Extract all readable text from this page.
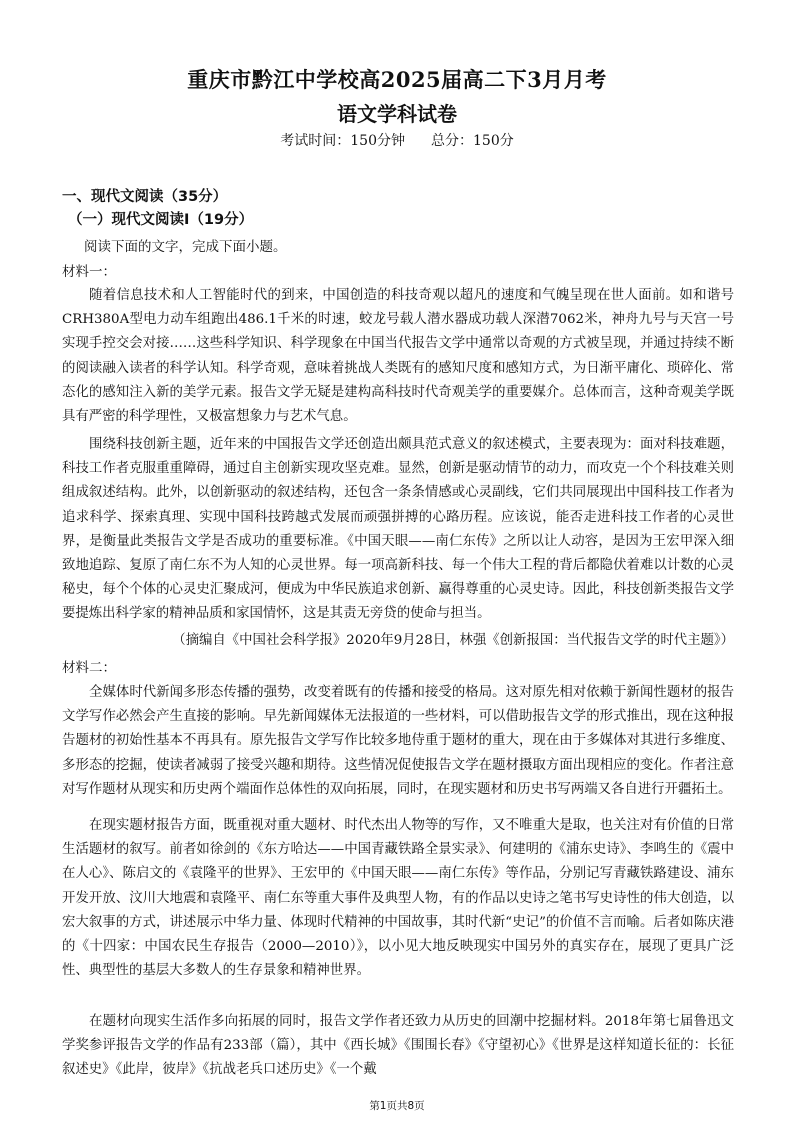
重庆市黔江中学校高2025届高二下3月月考
语文学科试卷
考试时间：150分钟 总分：150分
一、现代文阅读（35分）
（一）现代文阅读Ⅰ（19分）
阅读下面的文字，完成下面小题。
材料一：
随着信息技术和人工智能时代的到来，中国创造的科技奇观以超凡的速度和气魄呈现在世人面前。如和谐号CRH380A型电力动车组跑出486.1千米的时速，蛟龙号载人潜水器成功载人深潜7062米，神舟九号与天宫一号实现手控交会对接……这些科学知识、科学现象在中国当代报告文学中通常以奇观的方式被呈现，并通过持续不断的阅读融入读者的科学认知。科学奇观，意味着挑战人类既有的感知尺度和感知方式，为日渐平庸化、琐碎化、常态化的感知注入新的美学元素。报告文学无疑是建构高科技时代奇观美学的重要媒介。总体而言，这种奇观美学既具有严密的科学理性，又极富想象力与艺术气息。
围绕科技创新主题，近年来的中国报告文学还创造出颇具范式意义的叙述模式，主要表现为：面对科技难题，科技工作者克服重重障碍，通过自主创新实现攻坚克难。显然，创新是驱动情节的动力，而攻克一个个科技难关则组成叙述结构。此外，以创新驱动的叙述结构，还包含一条条情感或心灵副线，它们共同展现出中国科技工作者为追求科学、探索真理、实现中国科技跨越式发展而顽强拼搏的心路历程。应该说，能否走进科技工作者的心灵世界，是衡量此类报告文学是否成功的重要标准。《中国天眼——南仁东传》之所以让人动容，是因为王宏甲深入细致地追踪、复原了南仁东不为人知的心灵世界。每一项高新科技、每一个伟大工程的背后都隐伏着难以计数的心灵秘史，每个个体的心灵史汇聚成河，便成为中华民族追求创新、赢得尊重的心灵史诗。因此，科技创新类报告文学要提炼出科学家的精神品质和家国情怀，这是其责无旁贷的使命与担当。
（摘编自《中国社会科学报》2020年9月28日，林强《创新报国：当代报告文学的时代主题》）
材料二：
全媒体时代新闻多形态传播的强势，改变着既有的传播和接受的格局。这对原先相对依赖于新闻性题材的报告文学写作必然会产生直接的影响。早先新闻媒体无法报道的一些材料，可以借助报告文学的形式推出，现在这种报告题材的初始性基本不再具有。原先报告文学写作比较多地侍重于题材的重大，现在由于多媒体对其进行多维度、多形态的挖掘，使读者减弱了接受兴趣和期待。这些情况促使报告文学在题材摄取方面出现相应的变化。作者注意对写作题材从现实和历史两个端面作总体性的双向拓展，同时，在现实题材和历史书写两端又各自进行开疆拓土。
在现实题材报告方面，既重视对重大题材、时代杰出人物等的写作，又不唯重大是取，也关注对有价值的日常生活题材的叙写。前者如徐剑的《东方哈达——中国青藏铁路全景实录》、何建明的《浦东史诗》、李鸣生的《震中在人心》、陈启文的《袁隆平的世界》、王宏甲的《中国天眼——南仁东传》等作品，分别记写青藏铁路建设、浦东开发开放、汶川大地震和袁隆平、南仁东等重大事件及典型人物，有的作品以史诗之笔书写史诗性的伟大创造，以宏大叙事的方式，讲述展示中华力量、体现时代精神的中国故事，其时代新“史记”的价值不言而喻。后者如陈庆港的《十四家：中国农民生存报告（2000—2010）》，以小见大地反映现实中国另外的真实存在，展现了更具广泛性、典型性的基层大多数人的生存景象和精神世界。
在题材向现实生活作多向拓展的同时，报告文学作者还致力从历史的回潮中挖掘材料。2018年第七届鲁迅文学奖参评报告文学的作品有233部（篇），其中《西长城》《围围长春》《守望初心》《世界是这样知道长征的：长征叙述史》《此岸，彼岸》《抗战老兵口述历史》《一个戴
第1页共8页
